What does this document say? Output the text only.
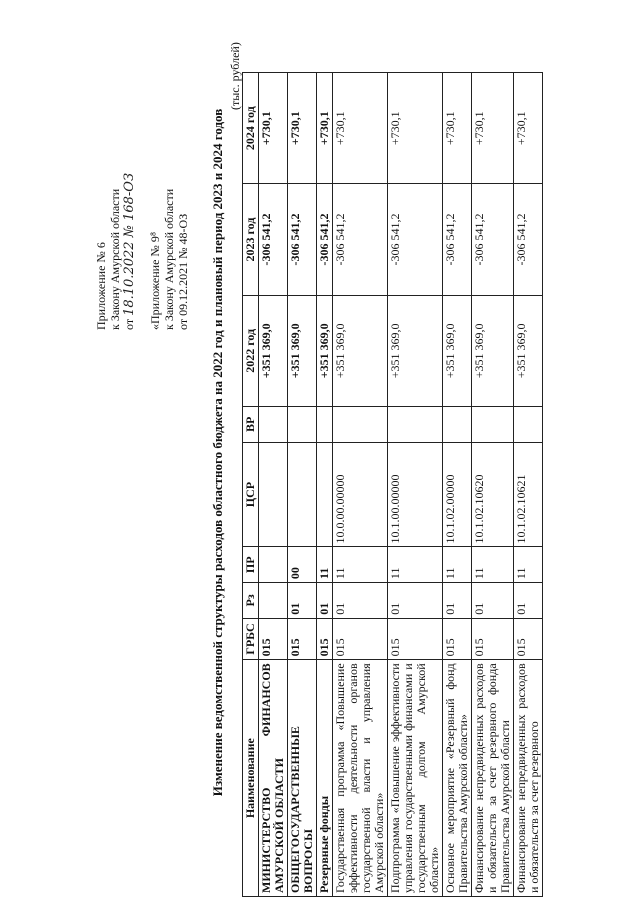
Приложение № 6 к Закону Амурской области от 18.10.2022 № 168-ОЗ «Приложение № 9⁸ к Закону Амурской области от 09.12.2021 № 48-ОЗ Изменение ведомственной структуры расходов областного бюджета на 2022 год и плановый период 2023 и 2024 годов
(тыс. рублей)
Наименование	ГРБС	Рз	ПР	ЦСР	ВР	2022 год	2023 год	2024 год
МИНИСТЕРСТВО ФИНАНСОВ АМУРСКОЙ ОБЛАСТИ	015					+351 369,0	-306 541,2	+730,1
ОБЩЕГОСУДАРСТВЕННЫЕ ВОПРОСЫ	015	01	00			+351 369,0	-306 541,2	+730,1
Резервные фонды	015	01	11			+351 369,0	-306 541,2	+730,1
Государственная программа «Повышение эффективности деятельности органов государственной власти и управления Амурской области»	015	01	11	10.0.00.00000		+351 369,0	-306 541,2	+730,1
Подпрограмма «Повышение эффективности управления государственными финансами и государственным долгом Амурской области»	015	01	11	10.1.00.00000		+351 369,0	-306 541,2	+730,1
Основное мероприятие «Резервный фонд Правительства Амурской области»	015	01	11	10.1.02.00000		+351 369,0	-306 541,2	+730,1
Финансирование непредвиденных расходов и обязательств за счет резервного фонда Правительства Амурской области	015	01	11	10.1.02.10620		+351 369,0	-306 541,2	+730,1
Финансирование непредвиденных расходов и обязательств за счет резервного	015	01	11	10.1.02.10621		+351 369,0	-306 541,2	+730,1
